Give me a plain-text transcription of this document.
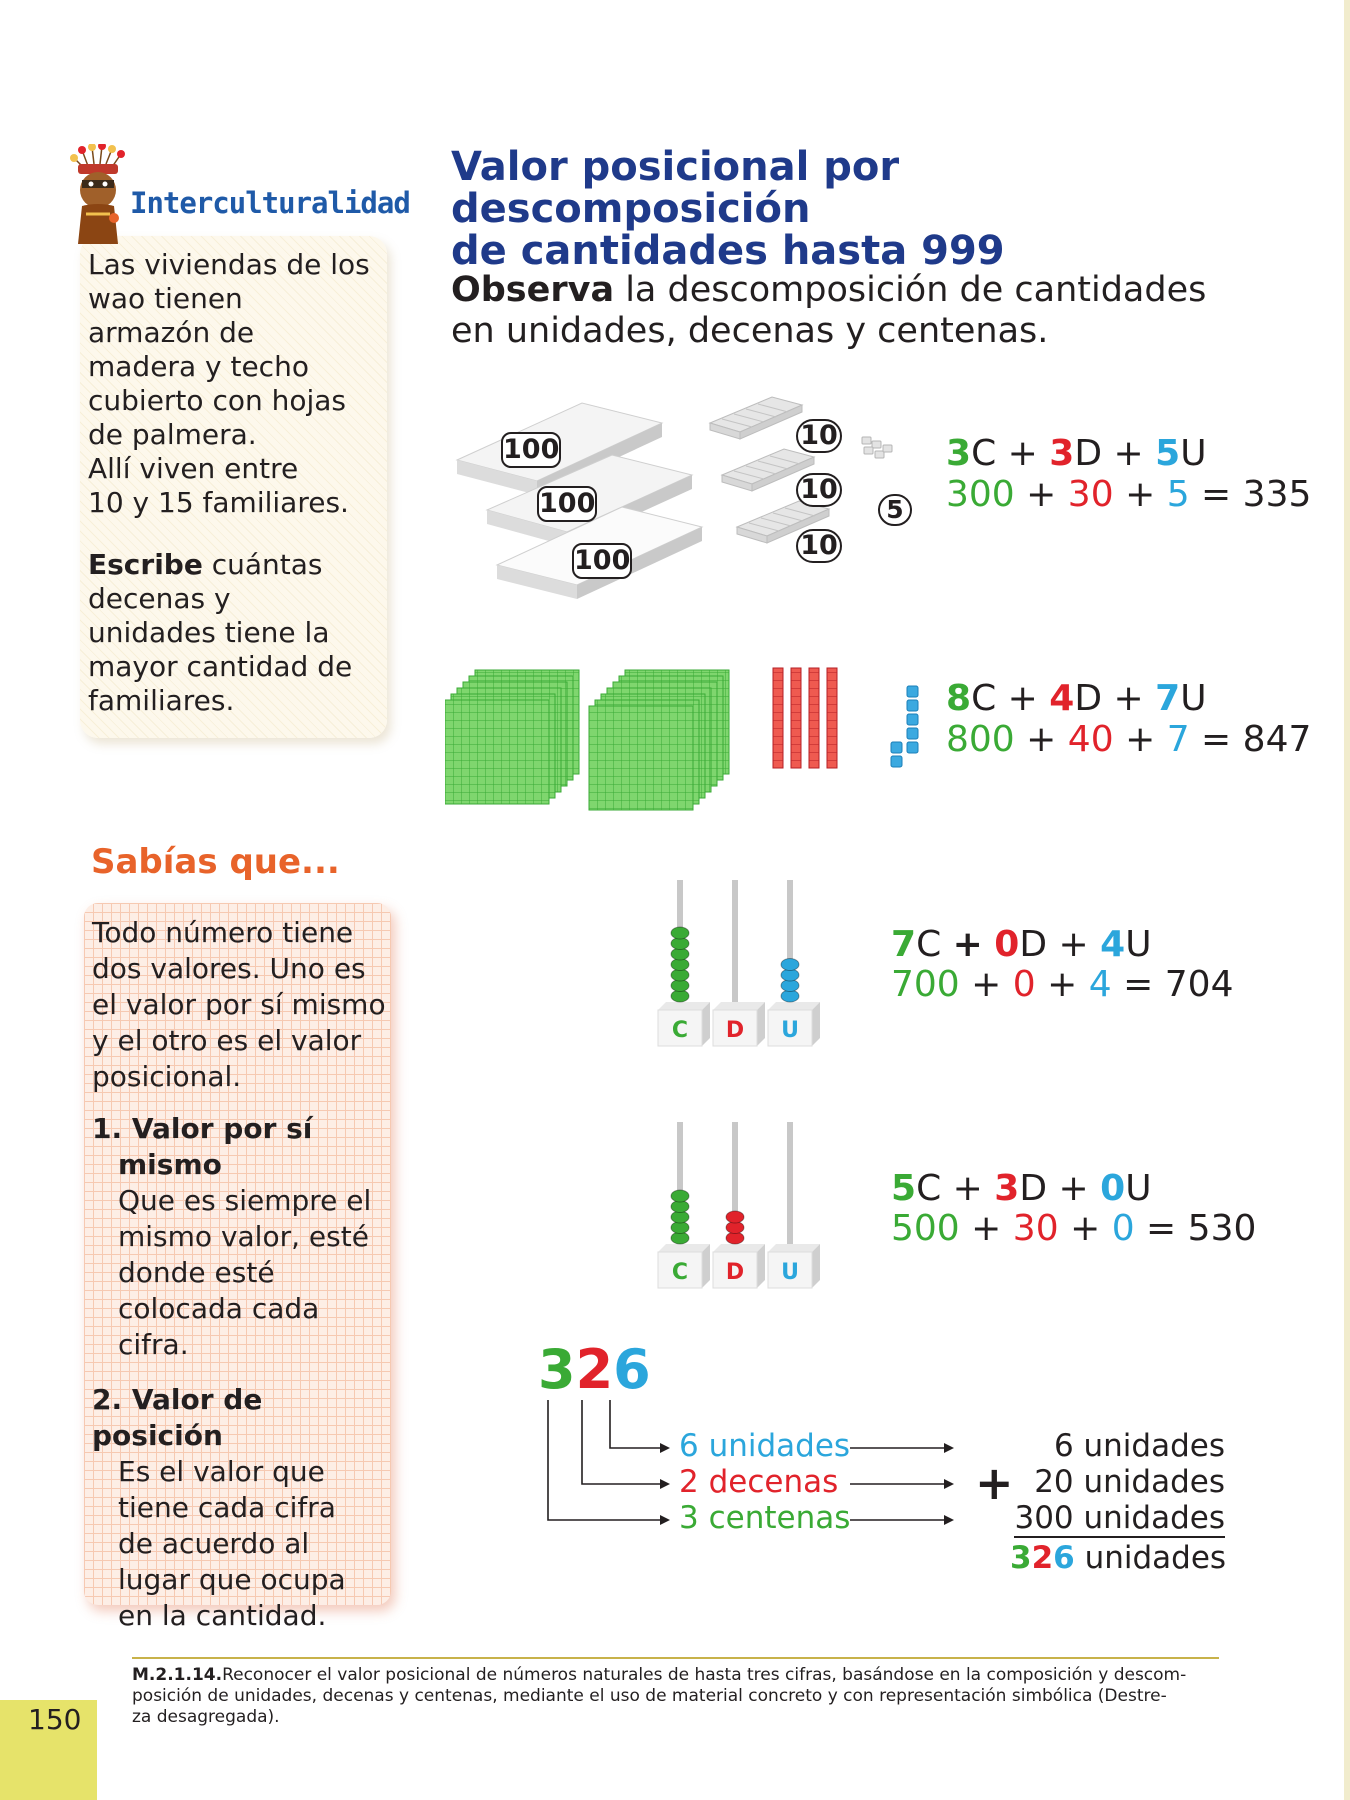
Valor posicional por descomposición
de cantidades hasta 999
Observa la descomposición de cantidades
en unidades, decenas y centenas.
Interculturalidad
Las viviendas de los
wao tienen
armazón de
madera y techo
cubierto con hojas
de palmera.
Allí viven entre
10 y 15 familiares.
Escribe cuántas
decenas y
unidades tiene la
mayor cantidad de
familiares.
Sabías que...
Todo número tiene
dos valores. Uno es
el valor por sí mismo
y el otro es el valor
posicional.
1. Valor por sí
mismo
Que es siempre el
mismo valor, esté
donde esté
colocada cada
cifra.
2. Valor de posición
Es el valor que
tiene cada cifra
de acuerdo al
lugar que ocupa
en la cantidad.
100
100
100
10
10
10
5
3C + 3D + 5U
300 + 30 + 5 = 335
8C + 4D + 7U
800 + 40 + 7 = 847
C D U
7C + 0D + 4U
700 + 0 + 4 = 704
C D U
5C + 3D + 0U
500 + 30 + 0 = 530
326
6 unidades
2 decenas
3 centenas
+
6 unidades
20 unidades
300 unidades
326 unidades
M.2.1.14.Reconocer el valor posicional de números naturales de hasta tres cifras, basándose en la composición y descom-
posición de unidades, decenas y centenas, mediante el uso de material concreto y con representación simbólica (Destre-
za desagregada).
150
